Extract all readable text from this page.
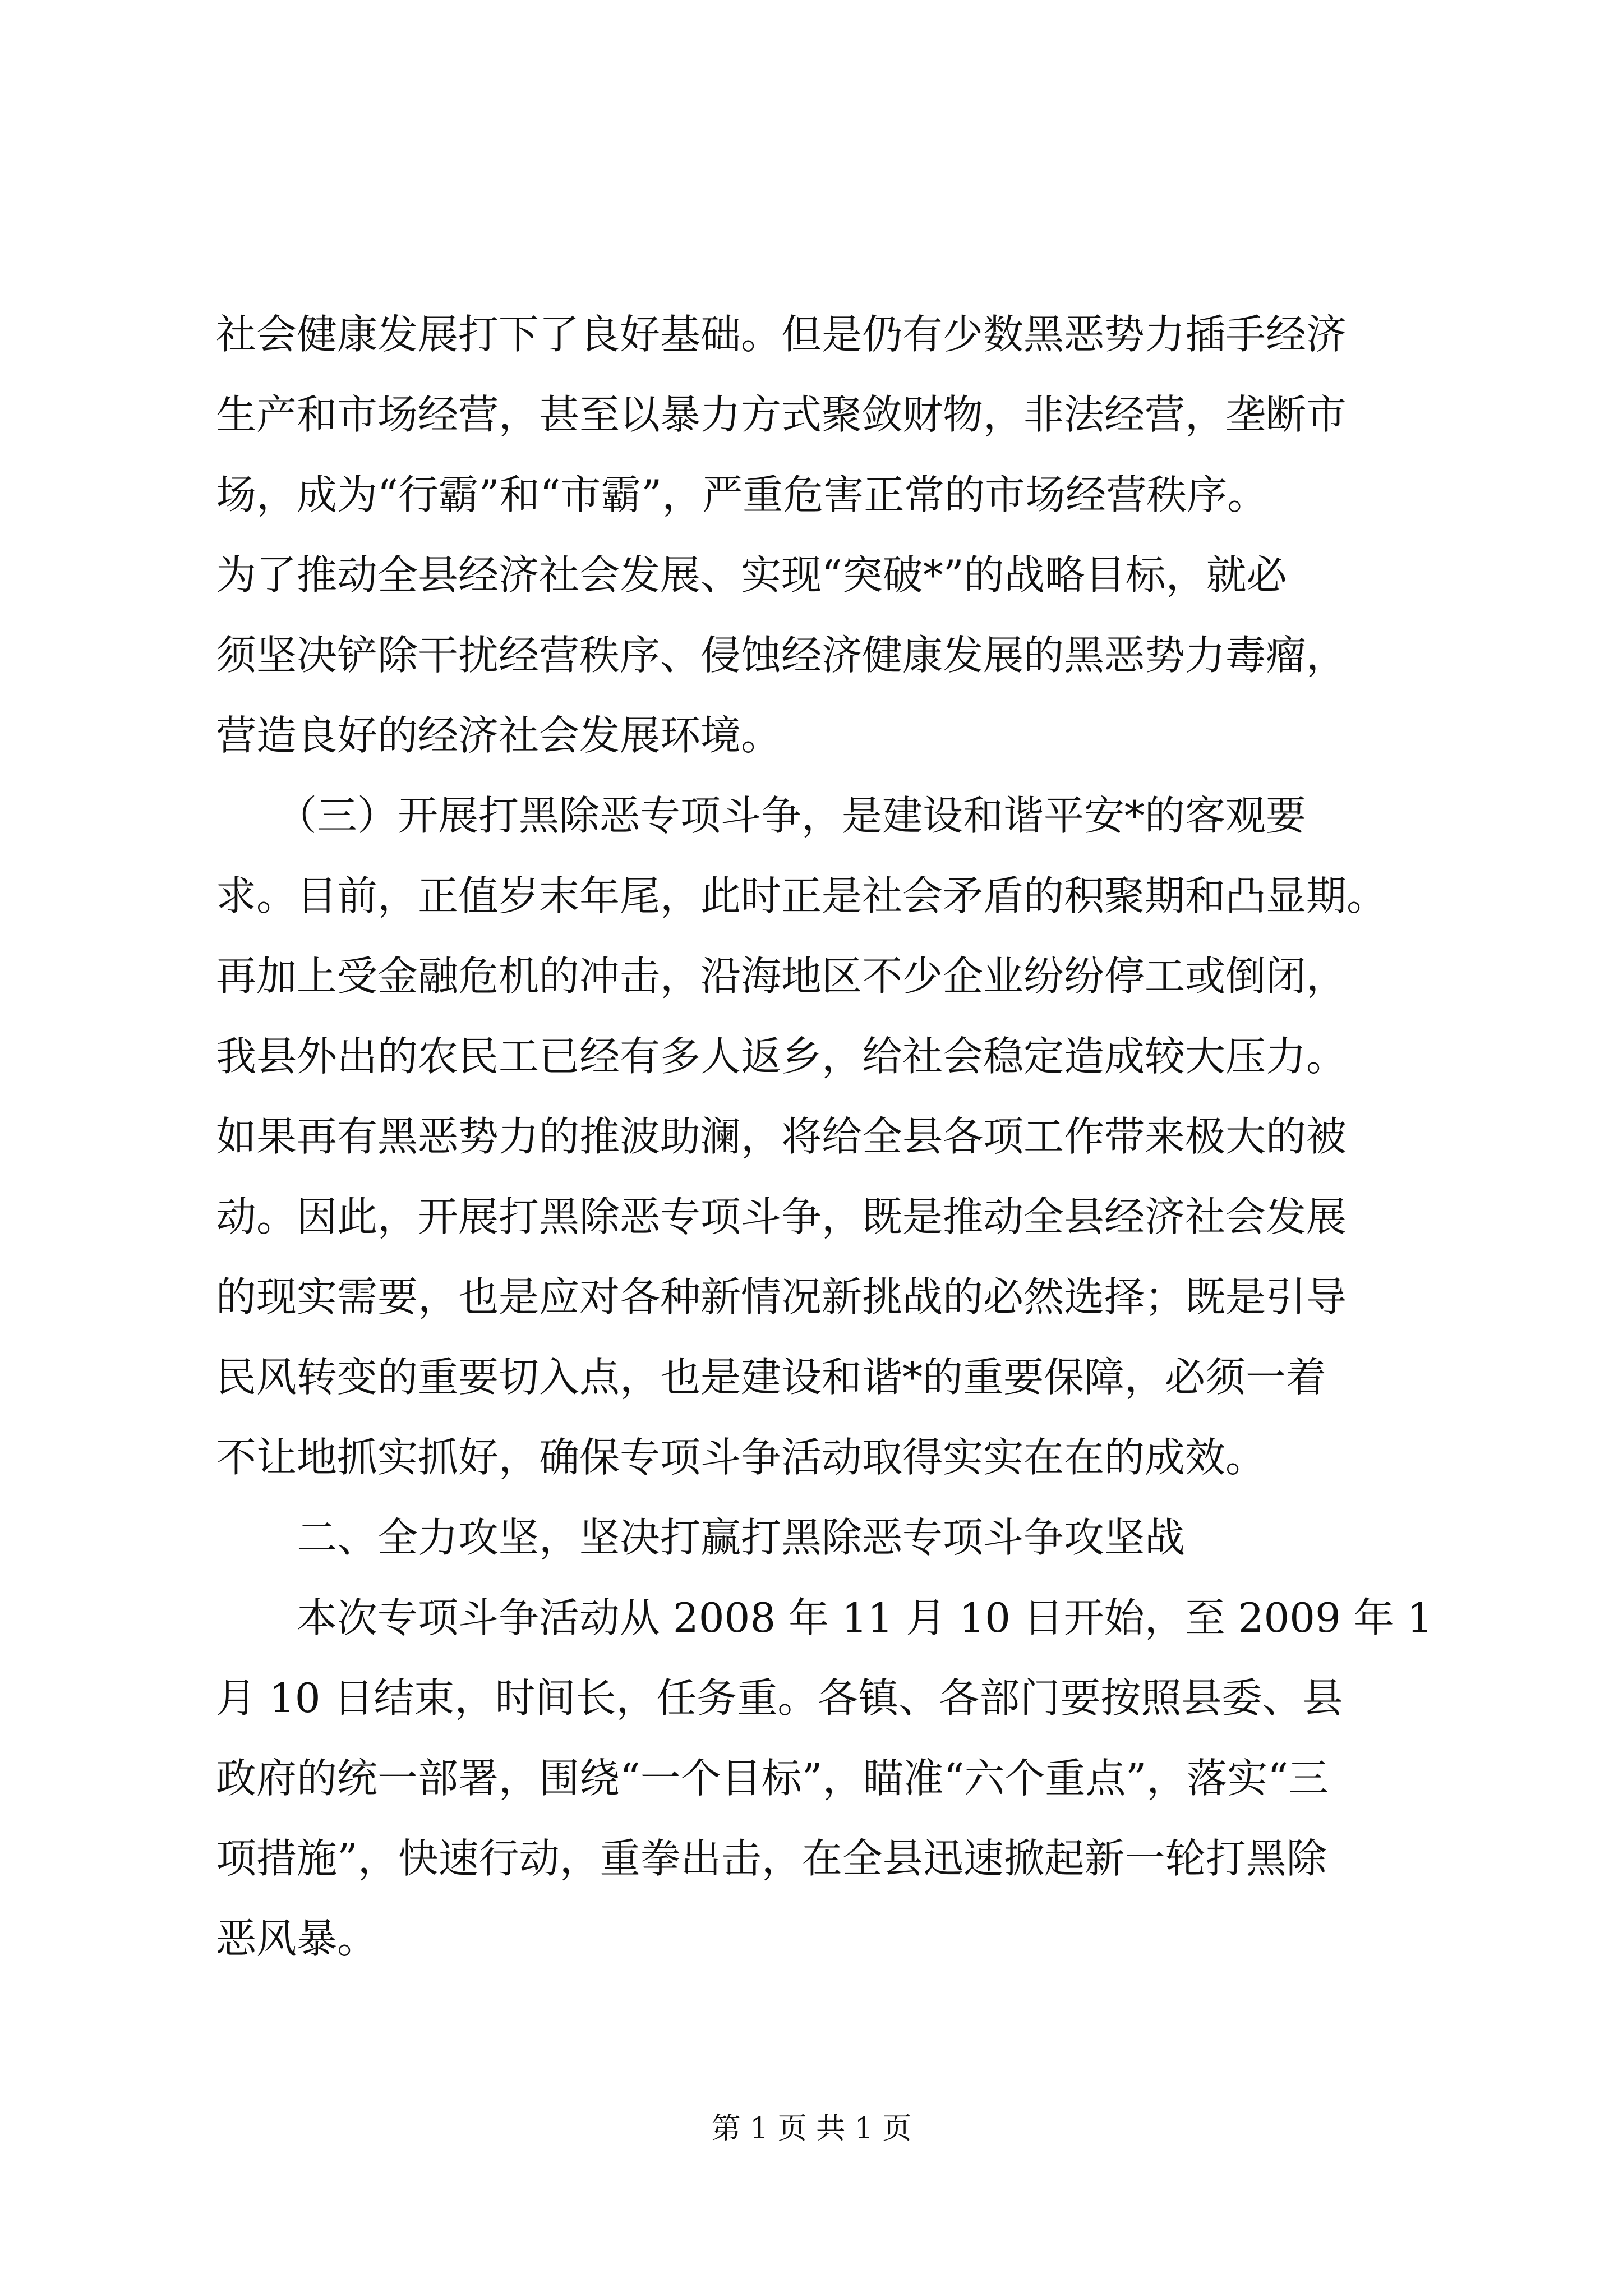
社会健康发展打下了良好基础。但是仍有少数黑恶势力插手经济
生产和市场经营，甚至以暴力方式聚敛财物，非法经营，垄断市
场，成为“行霸”和“市霸”，严重危害正常的市场经营秩序。
为了推动全县经济社会发展、实现“突破*”的战略目标，就必
须坚决铲除干扰经营秩序、侵蚀经济健康发展的黑恶势力毒瘤，
营造良好的经济社会发展环境。
　　（三）开展打黑除恶专项斗争，是建设和谐平安*的客观要
求。目前，正值岁末年尾，此时正是社会矛盾的积聚期和凸显期。
再加上受金融危机的冲击，沿海地区不少企业纷纷停工或倒闭，
我县外出的农民工已经有多人返乡，给社会稳定造成较大压力。
如果再有黑恶势力的推波助澜，将给全县各项工作带来极大的被
动。因此，开展打黑除恶专项斗争，既是推动全县经济社会发展
的现实需要，也是应对各种新情况新挑战的必然选择；既是引导
民风转变的重要切入点，也是建设和谐*的重要保障，必须一着
不让地抓实抓好，确保专项斗争活动取得实实在在的成效。
　　二、全力攻坚，坚决打赢打黑除恶专项斗争攻坚战
　　本次专项斗争活动从 2008 年 11 月 10 日开始，至 2009 年 1
月 10 日结束，时间长，任务重。各镇、各部门要按照县委、县
政府的统一部署，围绕“一个目标”，瞄准“六个重点”，落实“三
项措施”，快速行动，重拳出击，在全县迅速掀起新一轮打黑除
恶风暴。
第 1 页 共 1 页
